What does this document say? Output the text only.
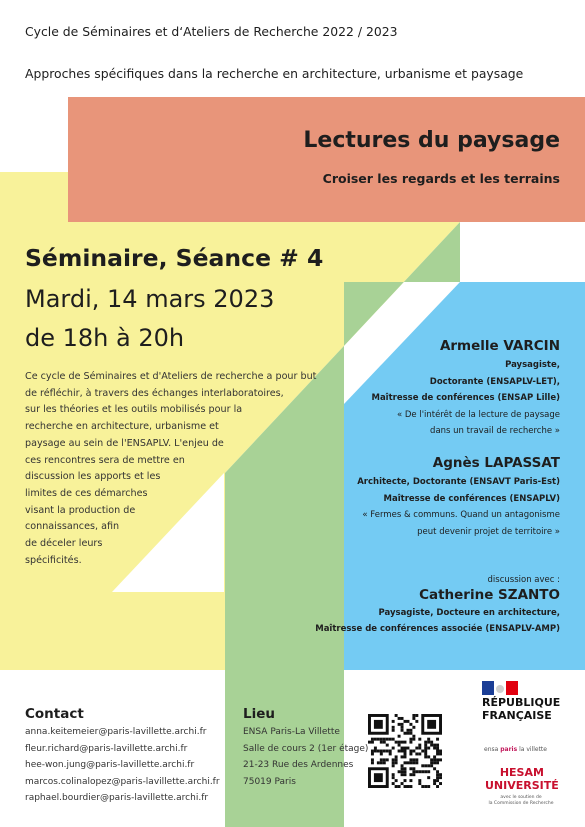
Cycle de Séminaires et d‘Ateliers de Recherche 2022 / 2023
Approches spécifiques dans la recherche en architecture, urbanisme et paysage
Lectures du paysage
Croiser les regards et les terrains
Séminaire, Séance # 4
Mardi, 14 mars 2023
de 18h à 20h
Ce cycle de Séminaires et d'Ateliers de recherche a pour but
de réfléchir, à travers des échanges interlaboratoires,
sur les théories et les outils mobilisés pour la
recherche en architecture, urbanisme et
paysage au sein de l'ENSAPLV. L'enjeu de
ces rencontres sera de mettre en
discussion les apports et les
limites de ces démarches
visant la production de
connaissances, afin
de déceler leurs
spécificités.
Armelle VARCIN
Paysagiste,
Doctorante (ENSAPLV-LET),
Maîtresse de conférences (ENSAP Lille)
« De l'intérêt de la lecture de paysage
dans un travail de recherche »
Agnès LAPASSAT
Architecte, Doctorante (ENSAVT Paris-Est)
Maîtresse de conférences (ENSAPLV)
« Fermes & communs. Quand un antagonisme
peut devenir projet de territoire »
discussion avec :
Catherine SZANTO
Paysagiste, Docteure en architecture,
Maîtresse de conférences associée (ENSAPLV-AMP)
Contact
anna.keitemeier@paris-lavillette.archi.fr
fleur.richard@paris-lavillette.archi.fr
hee-won.jung@paris-lavillette.archi.fr
marcos.colinalopez@paris-lavillette.archi.fr
raphael.bourdier@paris-lavillette.archi.fr
Lieu
ENSA Paris-La Villette
Salle de cours 2 (1er étage)
21-23 Rue des Ardennes
75019 Paris
RÉPUBLIQUE
FRANÇAISE
ensa paris la villette
HESAM
UNIVERSITÉ
avec le soutien de
la Commission de Recherche
